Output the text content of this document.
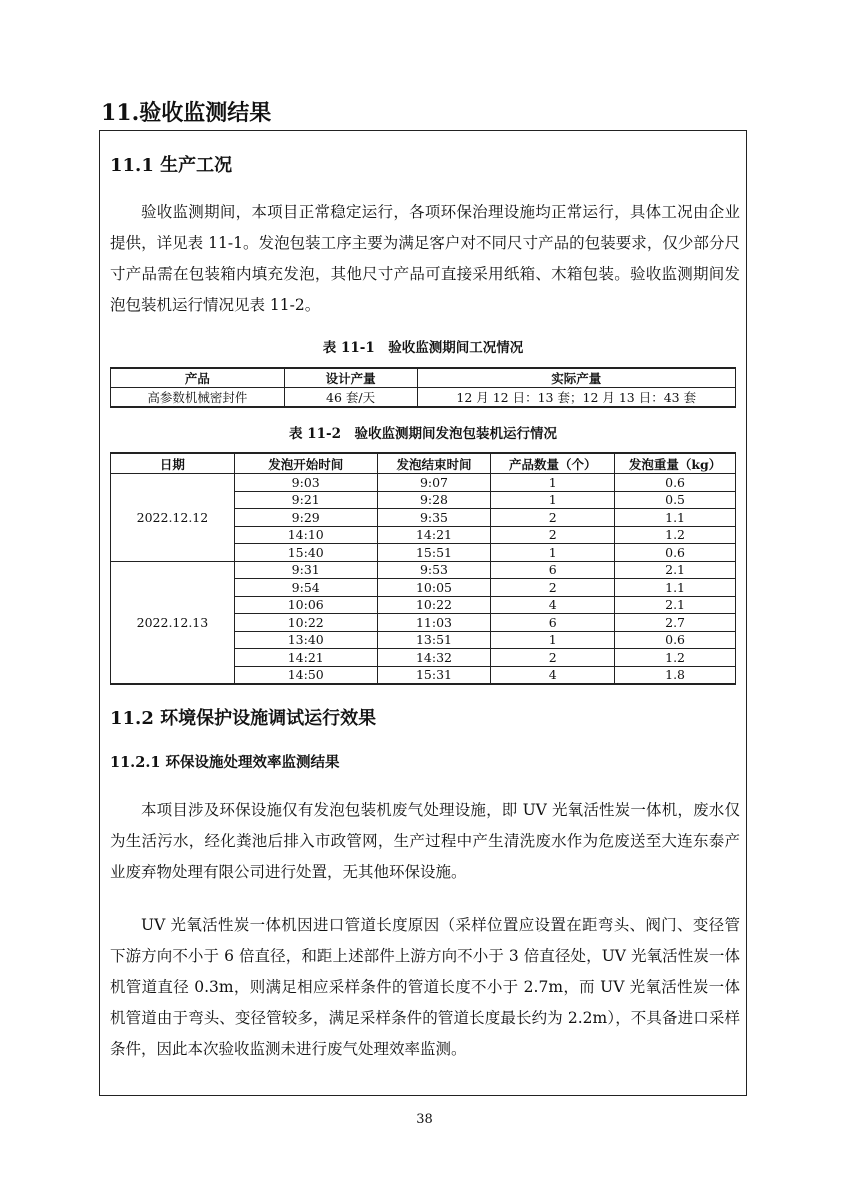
11.验收监测结果
11.1 生产工况

验收监测期间，本项目正常稳定运行，各项环保治理设施均正常运行，具体工况由企业提供，详见表 11-1。发泡包装工序主要为满足客户对不同尺寸产品的包装要求，仅少部分尺寸产品需在包装箱内填充发泡，其他尺寸产品可直接采用纸箱、木箱包装。验收监测期间发泡包装机运行情况见表 11-2。

表 11-1　验收监测期间工况情况

产品	设计产量	实际产量
高参数机械密封件	46 套/天	12 月 12 日：13 套；12 月 13 日：43 套

表 11-2　验收监测期间发泡包装机运行情况

日期	发泡开始时间	发泡结束时间	产品数量（个）	发泡重量（kg）
2022.12.12	9:03	9:07	1	0.6
	9:21	9:28	1	0.5
	9:29	9:35	2	1.1
	14:10	14:21	2	1.2
	15:40	15:51	1	0.6
2022.12.13	9:31	9:53	6	2.1
	9:54	10:05	2	1.1
	10:06	10:22	4	2.1
	10:22	11:03	6	2.7
	13:40	13:51	1	0.6
	14:21	14:32	2	1.2
	14:50	15:31	4	1.8
11.2 环境保护设施调试运行效果
11.2.1 环保设施处理效率监测结果

本项目涉及环保设施仅有发泡包装机废气处理设施，即 UV 光氧活性炭一体机，废水仅为生活污水，经化粪池后排入市政管网，生产过程中产生清洗废水作为危废送至大连东泰产业废弃物处理有限公司进行处置，无其他环保设施。

UV 光氧活性炭一体机因进口管道长度原因（采样位置应设置在距弯头、阀门、变径管下游方向不小于 6 倍直径，和距上述部件上游方向不小于 3 倍直径处，UV 光氧活性炭一体机管道直径 0.3m，则满足相应采样条件的管道长度不小于 2.7m，而 UV 光氧活性炭一体机管道由于弯头、变径管较多，满足采样条件的管道长度最长约为 2.2m），不具备进口采样条件，因此本次验收监测未进行废气处理效率监测。

38
